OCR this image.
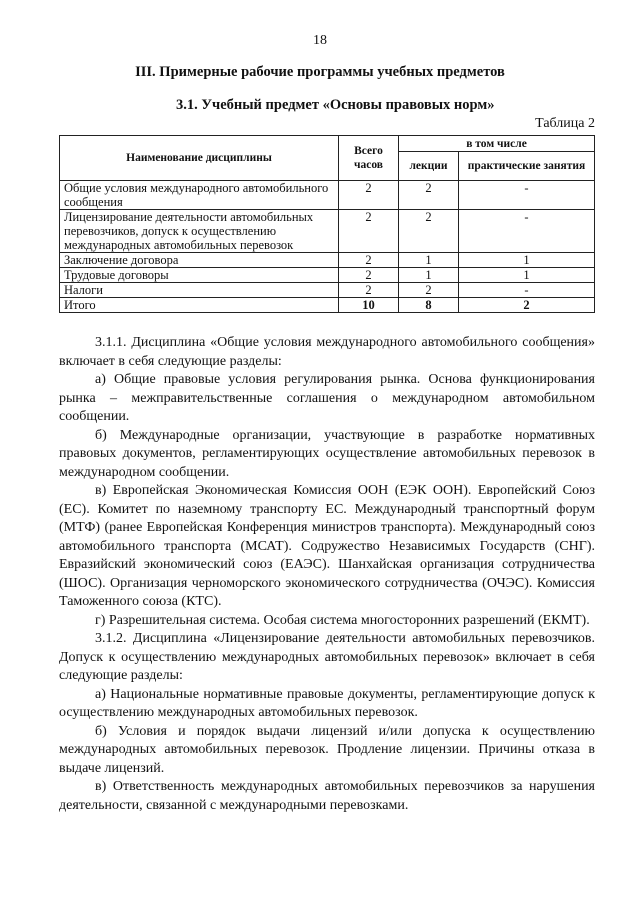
18
III. Примерные рабочие программы учебных предметов
3.1. Учебный предмет «Основы правовых норм»
Таблица 2
Наименование дисциплины	Всего часов	в том числе	
		лекции	практические занятия
Общие условия международного автомобильного сообщения	2	2	-
Лицензирование деятельности автомобильных перевозчиков, допуск к осуществлению международных автомобильных перевозок	2	2	-
Заключение договора	2	1	1
Трудовые договоры	2	1	1
Налоги	2	2	-
Итого	10	8	2

3.1.1. Дисциплина «Общие условия международного автомобильного сообщения» включает в себя следующие разделы:

а) Общие правовые условия регулирования рынка. Основа функционирования рынка – межправительственные соглашения о международном автомобильном сообщении.

б) Международные организации, участвующие в разработке нормативных правовых документов, регламентирующих осуществление автомобильных перевозок в международном сообщении.

в) Европейская Экономическая Комиссия ООН (ЕЭК ООН). Европейский Союз (ЕС). Комитет по наземному транспорту ЕС. Международный транспортный форум (МТФ) (ранее Европейская Конференция министров транспорта). Международный союз автомобильного транспорта (МСАТ). Содружество Независимых Государств (СНГ). Евразийский экономический союз (ЕАЭС). Шанхайская организация сотрудничества (ШОС). Организация черноморского экономического сотрудничества (ОЧЭС). Комиссия Таможенного союза (КТС).

г) Разрешительная система. Особая система многосторонних разрешений (ЕКМТ).

3.1.2. Дисциплина «Лицензирование деятельности автомобильных перевозчиков. Допуск к осуществлению международных автомобильных перевозок» включает в себя следующие разделы:

а) Национальные нормативные правовые документы, регламентирующие допуск к осуществлению международных автомобильных перевозок.

б) Условия и порядок выдачи лицензий и/или допуска к осуществлению международных автомобильных перевозок. Продление лицензии. Причины отказа в выдаче лицензий.

в) Ответственность международных автомобильных перевозчиков за нарушения деятельности, связанной с международными перевозками.
